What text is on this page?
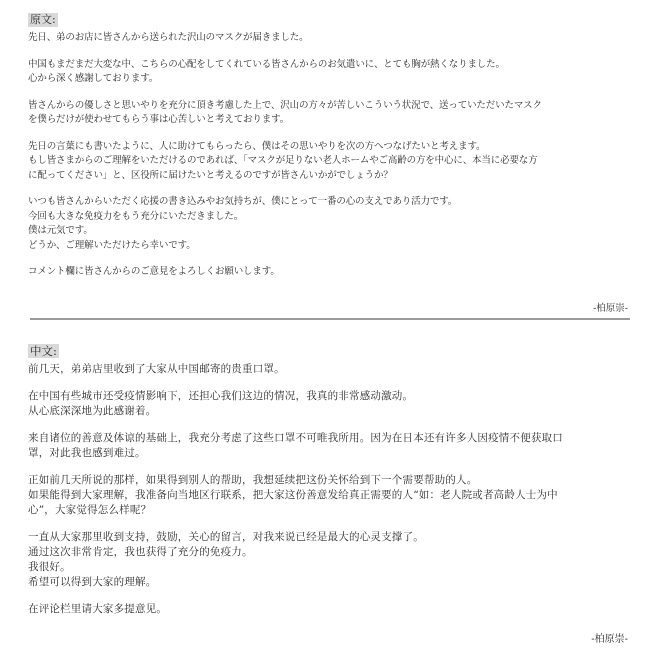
原文:
先日、弟のお店に皆さんから送られた沢山のマスクが届きました。
中国もまだまだ大変な中、こちらの心配をしてくれている皆さんからのお気遣いに、とても胸が熱くなりました。
心から深く感謝しております。
皆さんからの優しさと思いやりを充分に頂き考慮した上で、沢山の方々が苦しいこういう状況で、送っていただいたマスク
を僕らだけが使わせてもらう事は心苦しいと考えております。
先日の言葉にも書いたように、人に助けてもらったら、僕はその思いやりを次の方へつなげたいと考えます。
もし皆さまからのご理解をいただけるのであれば、「マスクが足りない老人ホームやご高齢の方を中心に、本当に必要な方
に配ってください」と、区役所に届けたいと考えるのですが皆さんいかがでしょうか？
いつも皆さんからいただく応援の書き込みやお気持ちが、僕にとって一番の心の支えであり活力です。
今回も大きな免疫力をもう充分にいただきました。
僕は元気です。
どうか、ご理解いただけたら幸いです。
コメント欄に皆さんからのご意見をよろしくお願いします。
-柏原崇-
中文:
前几天，弟弟店里收到了大家从中国邮寄的贵重口罩。
在中国有些城市还受疫情影响下，还担心我们这边的情况，我真的非常感动激动。
从心底深深地为此感谢着。
来自诸位的善意及体谅的基础上，我充分考虑了这些口罩不可唯我所用。因为在日本还有许多人因疫情不便获取口
罩，对此我也感到难过。
正如前几天所说的那样，如果得到别人的帮助，我想延续把这份关怀给到下一个需要帮助的人。
如果能得到大家理解，我准备向当地区行联系，把大家这份善意发给真正需要的人“如：老人院或者高龄人士为中
心”，大家觉得怎么样呢？
一直从大家那里收到支持，鼓励，关心的留言，对我来说已经是最大的心灵支撑了。
通过这次非常肯定，我也获得了充分的免疫力。
我很好。
希望可以得到大家的理解。
在评论栏里请大家多提意见。
-柏原崇-
